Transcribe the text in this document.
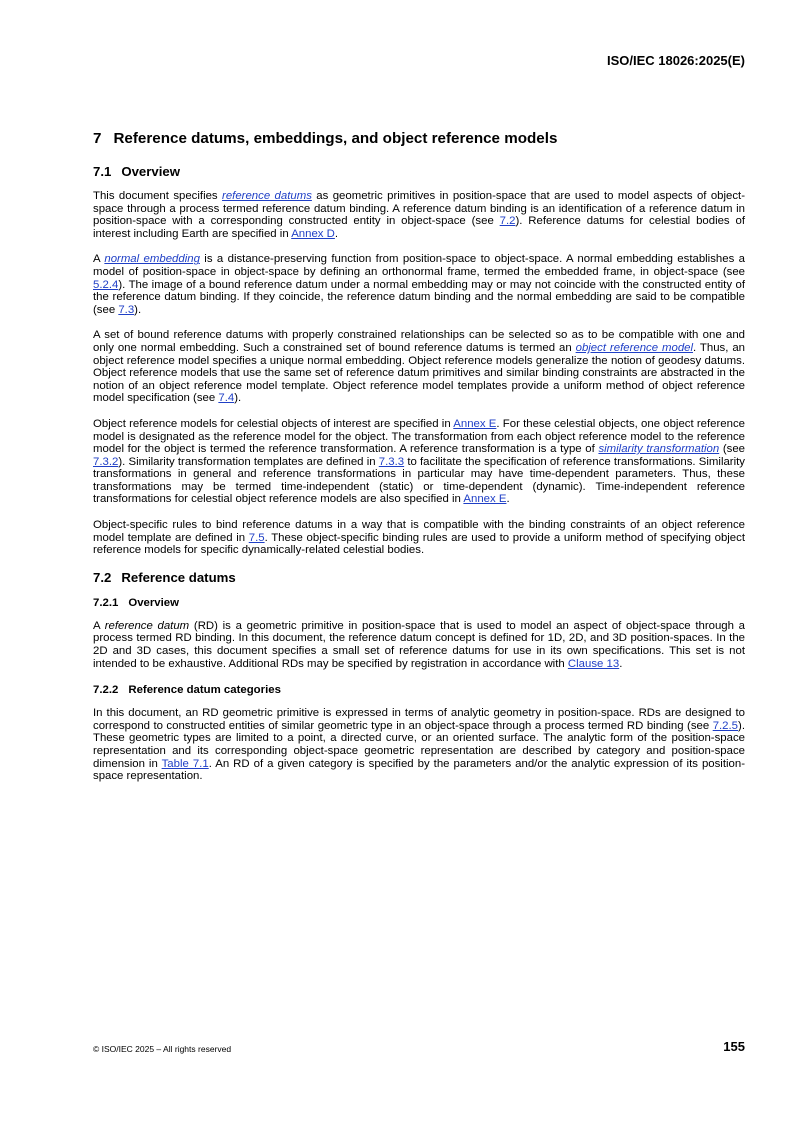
ISO/IEC 18026:2025(E)
7 Reference datums, embeddings, and object reference models
7.1 Overview

This document specifies reference datums as geometric primitives in position-space that are used to model aspects of object-space through a process termed reference datum binding. A reference datum binding is an identification of a reference datum in position-space with a corresponding constructed entity in object-space (see 7.2). Reference datums for celestial bodies of interest including Earth are specified in Annex D.

A normal embedding is a distance-preserving function from position-space to object-space. A normal embedding establishes a model of position-space in object-space by defining an orthonormal frame, termed the embedded frame, in object-space (see 5.2.4). The image of a bound reference datum under a normal embedding may or may not coincide with the constructed entity of the reference datum binding. If they coincide, the reference datum binding and the normal embedding are said to be compatible (see 7.3).

A set of bound reference datums with properly constrained relationships can be selected so as to be compatible with one and only one normal embedding. Such a constrained set of bound reference datums is termed an object reference model. Thus, an object reference model specifies a unique normal embedding. Object reference models generalize the notion of geodesy datums. Object reference models that use the same set of reference datum primitives and similar binding constraints are abstracted in the notion of an object reference model template. Object reference model templates provide a uniform method of object reference model specification (see 7.4).

Object reference models for celestial objects of interest are specified in Annex E. For these celestial objects, one object reference model is designated as the reference model for the object. The transformation from each object reference model to the reference model for the object is termed the reference transformation. A reference transformation is a type of similarity transformation (see 7.3.2). Similarity transformation templates are defined in 7.3.3 to facilitate the specification of reference transformations. Similarity transformations in general and reference transformations in particular may have time-dependent parameters. Thus, these transformations may be termed time-independent (static) or time-dependent (dynamic). Time-independent reference transformations for celestial object reference models are also specified in Annex E.

Object-specific rules to bind reference datums in a way that is compatible with the binding constraints of an object reference model template are defined in 7.5. These object-specific binding rules are used to provide a uniform method of specifying object reference models for specific dynamically-related celestial bodies.

7.2 Reference datums
7.2.1 Overview

A reference datum (RD) is a geometric primitive in position-space that is used to model an aspect of object-space through a process termed RD binding. In this document, the reference datum concept is defined for 1D, 2D, and 3D position-spaces. In the 2D and 3D cases, this document specifies a small set of reference datums for use in its own specifications. This set is not intended to be exhaustive. Additional RDs may be specified by registration in accordance with Clause 13.

7.2.2 Reference datum categories

In this document, an RD geometric primitive is expressed in terms of analytic geometry in position-space. RDs are designed to correspond to constructed entities of similar geometric type in an object-space through a process termed RD binding (see 7.2.5). These geometric types are limited to a point, a directed curve, or an oriented surface. The analytic form of the position-space representation and its corresponding object-space geometric representation are described by category and position-space dimension in Table 7.1. An RD of a given category is specified by the parameters and/or the analytic expression of its position-space representation.

© ISO/IEC 2025 – All rights reserved	155
